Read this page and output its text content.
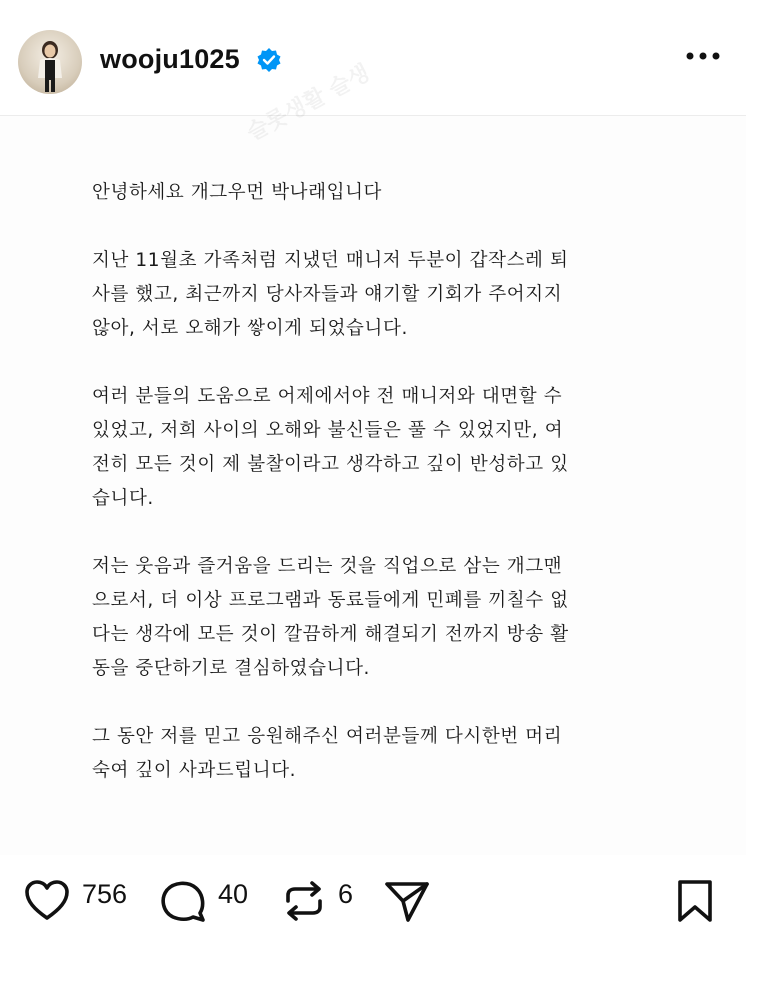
wooju1025

안녕하세요 개그우먼 박나래입니다

지난 11월초 가족처럼 지냈던 매니저 두분이 갑작스레 퇴
사를 했고, 최근까지 당사자들과 얘기할 기회가 주어지지
않아, 서로 오해가 쌓이게 되었습니다.

여러 분들의 도움으로 어제에서야 전 매니저와 대면할 수
있었고, 저희 사이의 오해와 불신들은 풀 수 있었지만, 여
전히 모든 것이 제 불찰이라고 생각하고 깊이 반성하고 있
습니다.

저는 웃음과 즐거움을 드리는 것을 직업으로 삼는 개그맨
으로서, 더 이상 프로그램과 동료들에게 민폐를 끼칠수 없
다는 생각에 모든 것이 깔끔하게 해결되기 전까지 방송 활
동을 중단하기로 결심하였습니다.

그 동안 저를 믿고 응원해주신 여러분들께 다시한번 머리
숙여 깊이 사과드립니다.

756	40	6
